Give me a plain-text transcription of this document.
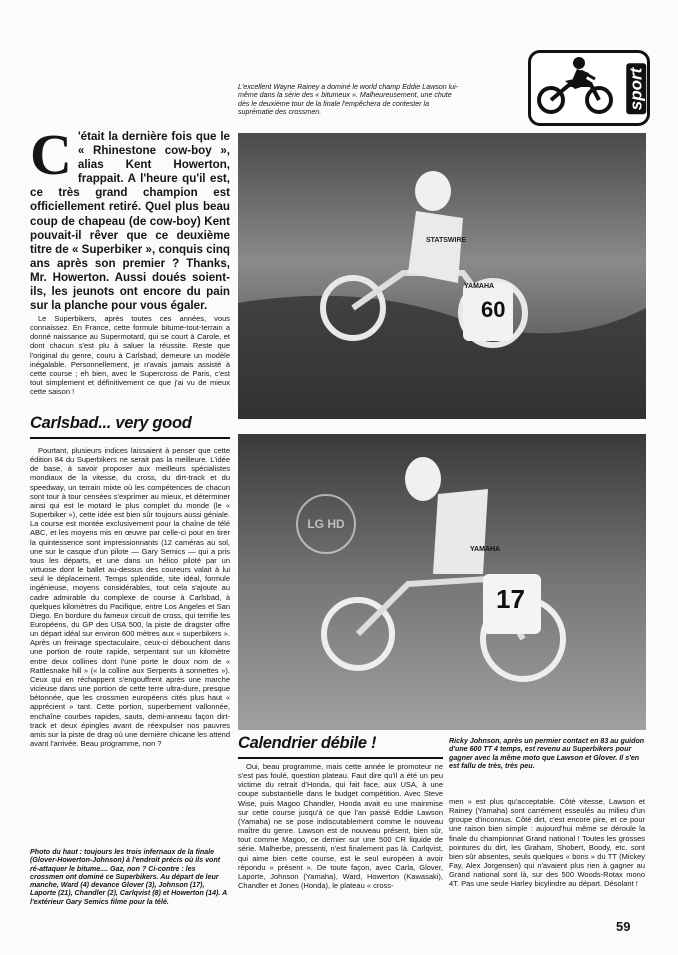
sport
L'excellent Wayne Rainey a dominé le world champ Eddie Lawson lui-même dans la série des « bitumeux ». Malheureusement, une chute dès le deuxième tour de la finale l'empêchera de contester la suprématie des crossmen.
C 'était la dernière fois que le « Rhinestone cow-boy », alias Kent Howerton, frappait. A l'heure qu'il est, ce très grand champion est officiellement retiré. Quel plus beau coup de chapeau (de cow-boy) Kent pouvait-il rêver que ce deuxième titre de « Superbiker », conquis cinq ans après son premier ? Thanks, Mr. Howerton. Aussi doués soient-ils, les jeunots ont encore du pain sur la planche pour vous égaler.

Le Superbikers, après toutes ces années, vous connaissez. En France, cette formule bitume-tout-terrain a donné naissance au Supermotard, qui se court à Carole, et dont chacun s'est plu à saluer la réussite. Reste que l'original du genre, couru à Carlsbad, demeure un modèle inégalable. Personnellement, je n'avais jamais assisté à cette course ; eh bien, avec le Supercross de Paris, c'est tout simplement et définitivement ce que j'ai vu de mieux cette saison !

Carlsbad... very good

Pourtant, plusieurs indices laissaient à penser que cette édition 84 du Superbikers ne serait pas la meilleure. L'idée de base, à savoir proposer aux meilleurs spécialistes mondiaux de la vitesse, du cross, du dirt-track et du speedway, un terrain mixte où les compétences de chacun sont tour à tour censées s'exprimer au mieux, et déterminer ainsi qui est le motard le plus complet du monde (le « Superbiker »), cette idée est bien sûr toujours aussi géniale. La course est montée exclusivement pour la chaîne de télé ABC, et les moyens mis en œuvre par celle-ci pour en tirer la quintessence sont impressionnants (12 caméras au sol, une sur le casque d'un pilote — Gary Semics — qui a pris tous les départs, et une dans un hélico piloté par un virtuose dont le ballet au-dessus des coureurs valait à lui seul le déplacement. Temps splendide, site idéal, formule ingénieuse, moyens considérables, tout cela s'ajoute au cadre admirable du complexe de course à Carlsbad, à quelques kilomètres du Pacifique, entre Los Angeles et San Diego. En bordure du fameux circuit de cross, qui terrifie les Européens, du GP des USA 500, la piste de dragster offre un départ idéal sur environ 600 mètres aux « superbikers ». Après un freinage spectaculaire, ceux-ci débouchent dans une portion de route rapide, serpentant sur un kilomètre entre deux collines dont l'une porte le doux nom de « Rattlesnake hill » (« la colline aux Serpents à sonnettes »). Ceux qui en réchappent s'engouffrent après une marche vicieuse dans une portion de cette terre ultra-dure, presque bétonnée, que les crossmen européens cités plus haut « apprécient » tant. Cette portion, superbement vallonnée, enchaîne courbes rapides, sauts, demi-anneau façon dirt-track et deux épingles avant de réexpulser nos pauvres amis sur la piste de drag où une dernière chicane les attend avant l'arrivée. Beau programme, non ?

Photo du haut : toujours les trois infernaux de la finale (Glover-Howerton-Johnson) à l'endroit précis où ils vont ré-attaquer le bitume.... Gaz, non ? Ci-contre : les crossmen ont dominé ce Superbikers. Au départ de leur manche, Ward (4) devance Glover (3), Johnson (17), Laporte (21), Chandler (2), Carlqvist (8) et Howerton (14). A l'extérieur Gary Semics filme pour la télé.
60
YAMAHA
STATSWIRE
17
YAMAHA
LG HD
Calendrier débile !	Ricky Johnson, après un permier contact en 83 au guidon d'une 600 TT 4 temps, est revenu au Superbikers pour gagner avec la même moto que Lawson et Glover. Il s'en est fallu de très, très peu.

Oui, beau programme, mais cette année le promoteur ne s'est pas foulé, question plateau. Faut dire qu'il a été un peu victime du retrait d'Honda, qui fait face, aux USA, à une coupe substantielle dans le budget compétition. Avec Steve Wise, puis Magoo Chandler, Honda avait eu une mainmise sur cette course jusqu'à ce que l'an passé Eddie Lawson (Yamaha) ne se pose indiscutablement comme le nouveau maître du genre. Lawson est de nouveau présent, bien sûr, tout comme Magoo, ce dernier sur une 500 CR liquide de série. Malherbe, pressenti, n'est finalement pas là. Carlqvist, qui aime bien cette course, est le seul européen à avoir répondu « présent ». De toute façon, avec Carla, Glover, Laporte, Johnson (Yamaha), Ward, Howerton (Kawasaki), Chandler et Jones (Honda), le plateau « cross-

men » est plus qu'acceptable. Côté vitesse, Lawson et Rainey (Yamaha) sont carrément esseulés au milieu d'un groupe d'inconnus. Côté dirt, c'est encore pire, et ce pour une raison bien simple : aujourd'hui même se déroule la finale du championnat Grand national ! Toutes les grosses pointures du dirt, les Graham, Shobert, Boody, etc. sont bien sûr absentes, seuls quelques « bons » du TT (Mickey Fay, Alex Jorgensen) qui n'avaient plus rien à gagner au Grand national sont là, sur des 500 Woods-Rotax mono 4T. Pas une seule Harley bicylindre au départ. Désolant !

59
